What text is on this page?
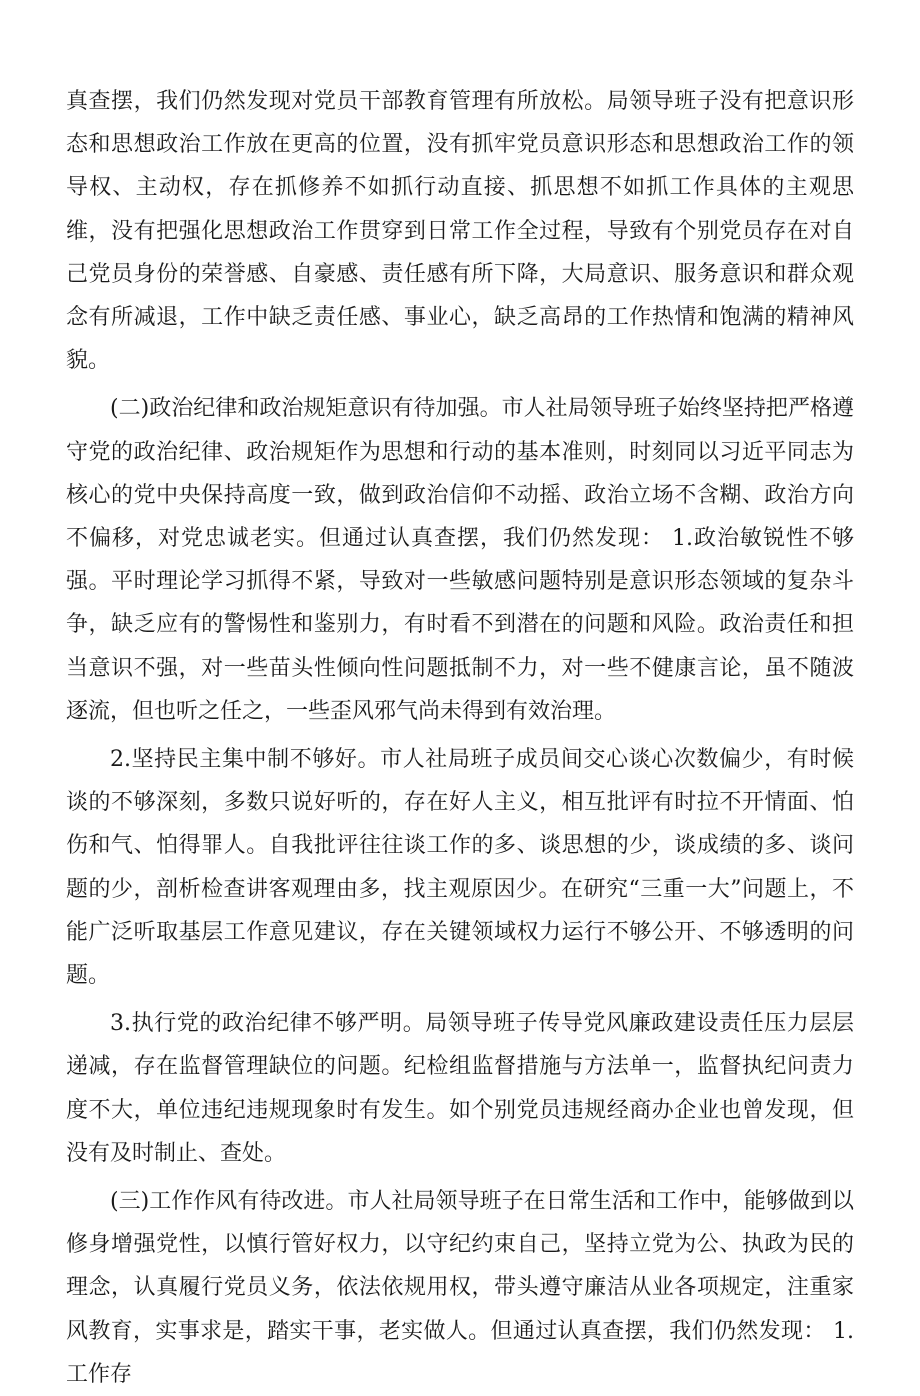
真查摆，我们仍然发现对党员干部教育管理有所放松。局领导班子没有把意识形态和思想政治工作放在更高的位置，没有抓牢党员意识形态和思想政治工作的领导权、主动权，存在抓修养不如抓行动直接、抓思想不如抓工作具体的主观思维，没有把强化思想政治工作贯穿到日常工作全过程，导致有个别党员存在对自己党员身份的荣誉感、自豪感、责任感有所下降，大局意识、服务意识和群众观念有所减退，工作中缺乏责任感、事业心，缺乏高昂的工作热情和饱满的精神风貌。

(二)政治纪律和政治规矩意识有待加强。市人社局领导班子始终坚持把严格遵守党的政治纪律、政治规矩作为思想和行动的基本准则，时刻同以习近平同志为核心的党中央保持高度一致，做到政治信仰不动摇、政治立场不含糊、政治方向不偏移，对党忠诚老实。但通过认真查摆，我们仍然发现： 1.政治敏锐性不够强。平时理论学习抓得不紧，导致对一些敏感问题特别是意识形态领域的复杂斗争，缺乏应有的警惕性和鉴别力，有时看不到潜在的问题和风险。政治责任和担当意识不强，对一些苗头性倾向性问题抵制不力，对一些不健康言论，虽不随波逐流，但也听之任之，一些歪风邪气尚未得到有效治理。

2.坚持民主集中制不够好。市人社局班子成员间交心谈心次数偏少，有时候谈的不够深刻，多数只说好听的，存在好人主义，相互批评有时拉不开情面、怕伤和气、怕得罪人。自我批评往往谈工作的多、谈思想的少，谈成绩的多、谈问题的少，剖析检查讲客观理由多，找主观原因少。在研究“三重一大”问题上，不能广泛听取基层工作意见建议，存在关键领域权力运行不够公开、不够透明的问题。

3.执行党的政治纪律不够严明。局领导班子传导党风廉政建设责任压力层层递减，存在监督管理缺位的问题。纪检组监督措施与方法单一，监督执纪问责力度不大，单位违纪违规现象时有发生。如个别党员违规经商办企业也曾发现，但没有及时制止、查处。

(三)工作作风有待改进。市人社局领导班子在日常生活和工作中，能够做到以修身增强党性，以慎行管好权力，以守纪约束自己，坚持立党为公、执政为民的理念，认真履行党员义务，依法依规用权，带头遵守廉洁从业各项规定，注重家风教育，实事求是，踏实干事，老实做人。但通过认真查摆，我们仍然发现： 1.工作存
